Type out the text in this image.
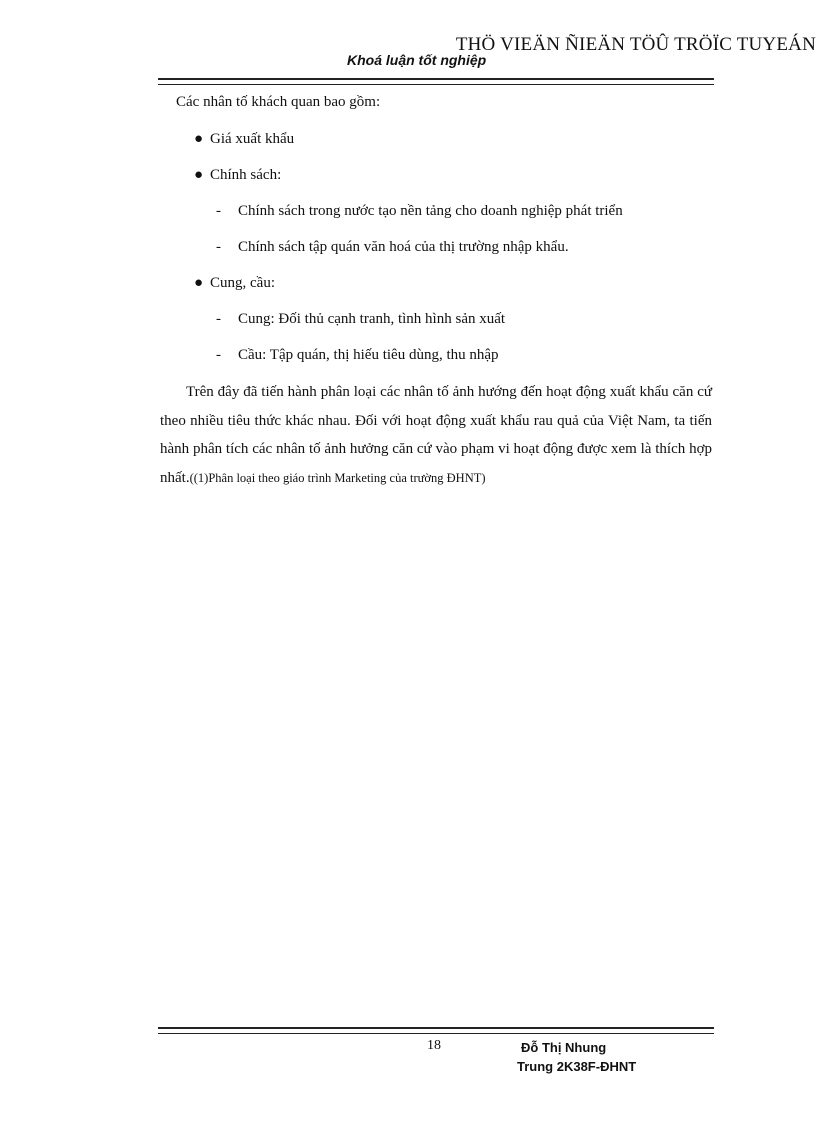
THÖ VIEÄN ÑIEÄN TÖÛ TRÖÏC TUYEÁN
Khoá luận tốt nghiệp

Các nhân tố khách quan bao gồm:

● Giá xuất khẩu
● Chính sách:
- Chính sách trong nước tạo nền tảng cho doanh nghiệp phát triển
- Chính sách tập quán văn hoá của thị trường nhập khẩu.
● Cung, cầu:
- Cung: Đối thủ cạnh tranh, tình hình sản xuất
- Cầu: Tập quán, thị hiếu tiêu dùng, thu nhập

Trên đây đã tiến hành phân loại các nhân tố ảnh hướng đến hoạt động xuất khẩu căn cứ theo nhiều tiêu thức khác nhau. Đối với hoạt động xuất khẩu rau quả của Việt Nam, ta tiến hành phân tích các nhân tố ảnh hưởng căn cứ vào phạm vi hoạt động được xem là thích hợp nhất.((1)Phân loại theo giáo trình Marketing của trường ĐHNT)

18	Đỗ Thị Nhung
Trung 2K38F-ĐHNT
